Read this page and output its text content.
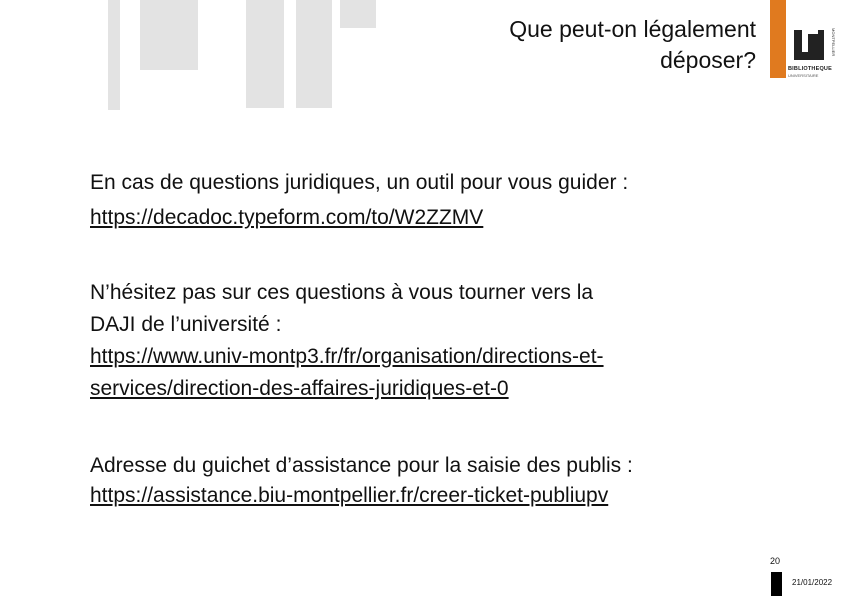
Que peut-on légalement
déposer?
MONTPELLIER
BIBLIOTHEQUE
UNIVERSITAIRE
En cas de questions juridiques, un outil pour vous guider :
https://decadoc.typeform.com/to/W2ZZMV
N’hésitez pas sur ces questions à vous tourner vers la
DAJI de l’université :
https://www.univ-montp3.fr/fr/organisation/directions-et-
services/direction-des-affaires-juridiques-et-0
Adresse du guichet d’assistance pour la saisie des publis :
https://assistance.biu-montpellier.fr/creer-ticket-publiupv
20
21/01/2022
